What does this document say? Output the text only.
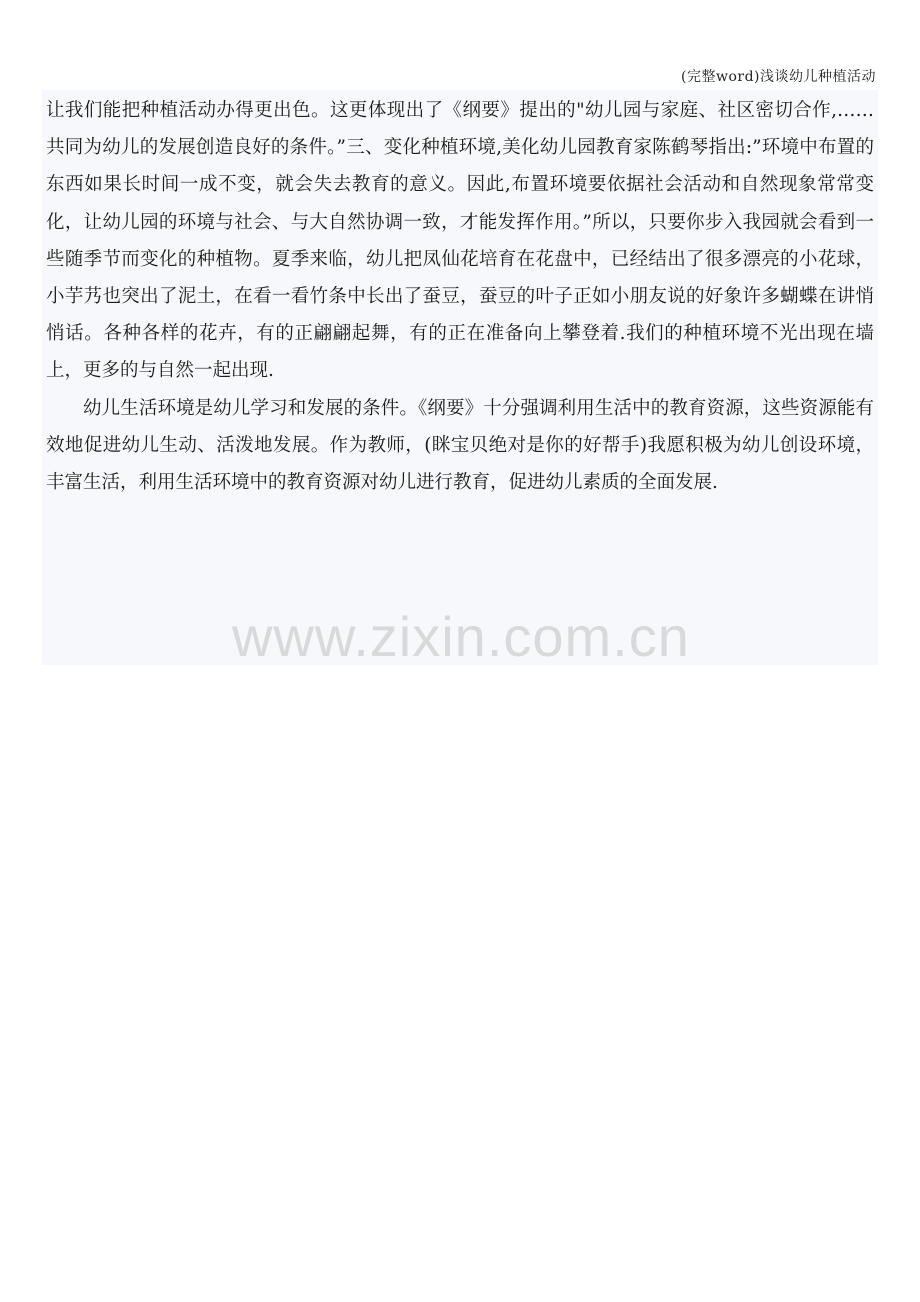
(完整word)浅谈幼儿种植活动

让我们能把种植活动办得更出色。这更体现出了《纲要》提出的"幼儿园与家庭、社区密切合作,……共同为幼儿的发展创造良好的条件。”三、变化种植环境,美化幼儿园教育家陈鹤琴指出:”环境中布置的东西如果长时间一成不变，就会失去教育的意义。因此,布置环境要依据社会活动和自然现象常常变化，让幼儿园的环境与社会、与大自然协调一致，才能发挥作用。”所以，只要你步入我园就会看到一些随季节而变化的种植物。夏季来临，幼儿把凤仙花培育在花盘中，已经结出了很多漂亮的小花球，小芋艿也突出了泥土，在看一看竹条中长出了蚕豆，蚕豆的叶子正如小朋友说的好象许多蝴蝶在讲悄悄话。各种各样的花卉，有的正翩翩起舞，有的正在准备向上攀登着.我们的种植环境不光出现在墙上，更多的与自然一起出现.

幼儿生活环境是幼儿学习和发展的条件。《纲要》十分强调利用生活中的教育资源，这些资源能有效地促进幼儿生动、活泼地发展。作为教师，(眯宝贝绝对是你的好帮手)我愿积极为幼儿创设环境，丰富生活，利用生活环境中的教育资源对幼儿进行教育，促进幼儿素质的全面发展.

www.zixin.com.cn
